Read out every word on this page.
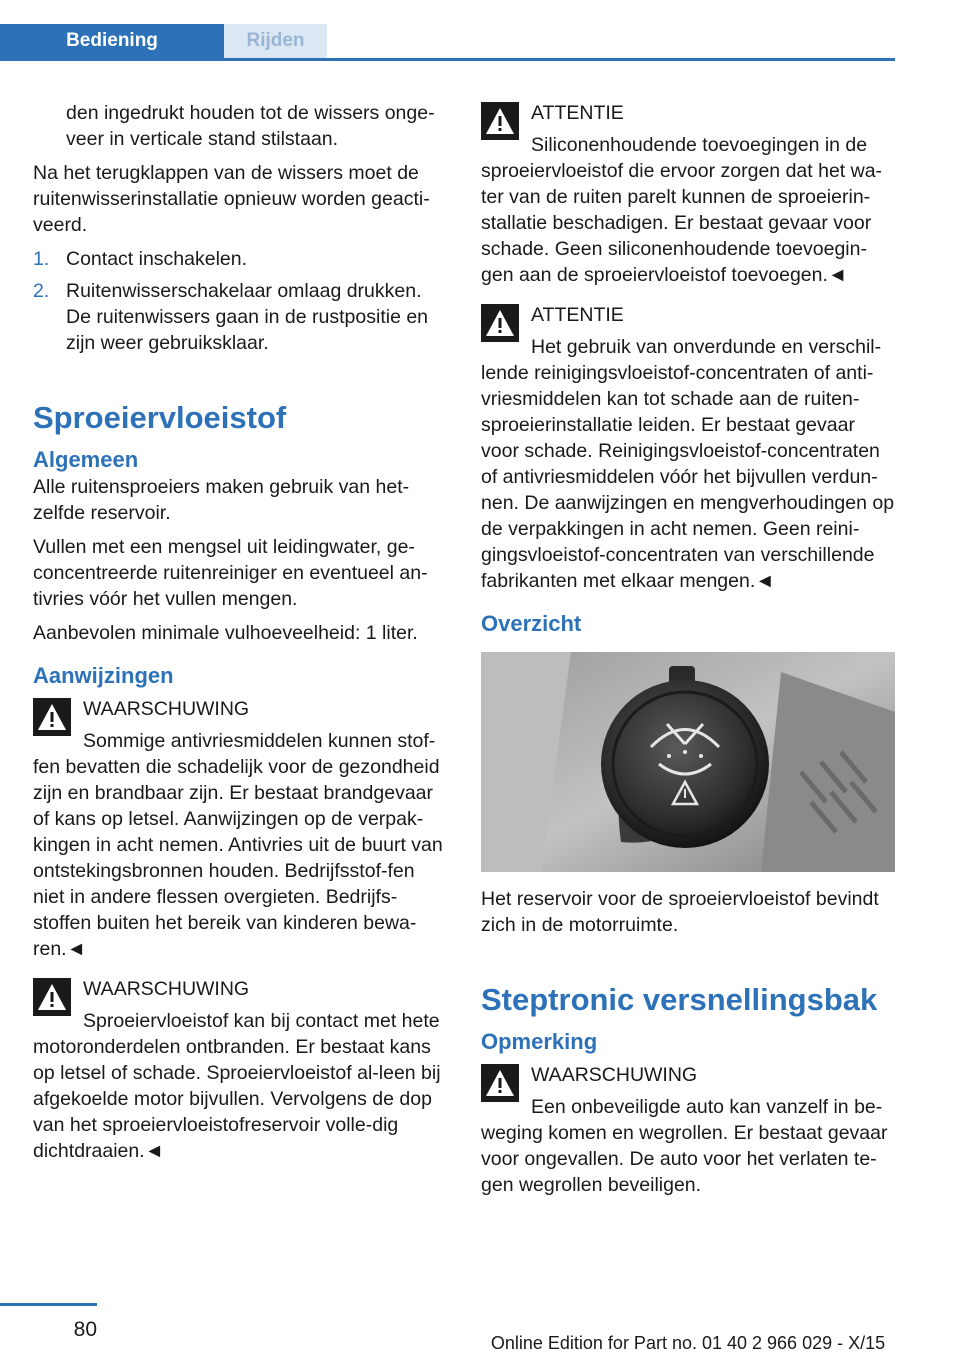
Bediening	Rijden

den ingedrukt houden tot de wissers onge-veer in verticale stand stilstaan.

Na het terugklappen van de wissers moet de ruitenwisserinstallatie opnieuw worden geacti-veerd.

1. Contact inschakelen.
2. Ruitenwisserschakelaar omlaag drukken. De ruitenwissers gaan in de rustpositie en zijn weer gebruiksklaar.
Sproeiervloeistof
Algemeen

Alle ruitensproeiers maken gebruik van het-zelfde reservoir.

Vullen met een mengsel uit leidingwater, ge-concentreerde ruitenreiniger en eventueel an-tivries vóór het vullen mengen.

Aanbevolen minimale vulhoeveelheid: 1 liter.

Aanwijzingen
WAARSCHUWING
Sommige antivriesmiddelen kunnen stof-fen bevatten die schadelijk voor de gezondheid zijn en brandbaar zijn. Er bestaat brandgevaar of kans op letsel. Aanwijzingen op de verpak-kingen in acht nemen. Antivries uit de buurt van ontstekingsbronnen houden. Bedrijfsstof-fen niet in andere flessen overgieten. Bedrijfs-stoffen buiten het bereik van kinderen bewa-ren.◄
WAARSCHUWING
Sproeiervloeistof kan bij contact met hete motoronderdelen ontbranden. Er bestaat kans op letsel of schade. Sproeiervloeistof al-leen bij afgekoelde motor bijvullen. Vervolgens de dop van het sproeiervloeistofreservoir volle-dig dichtdraaien.◄
ATTENTIE
Siliconenhoudende toevoegingen in de sproeiervloeistof die ervoor zorgen dat het wa-ter van de ruiten parelt kunnen de sproeierin-stallatie beschadigen. Er bestaat gevaar voor schade. Geen siliconenhoudende toevoegin-gen aan de sproeiervloeistof toevoegen.◄
ATTENTIE
Het gebruik van onverdunde en verschil-lende reinigingsvloeistof-concentraten of anti-vriesmiddelen kan tot schade aan de ruiten-sproeierinstallatie leiden. Er bestaat gevaar voor schade. Reinigingsvloeistof-concentraten of antivriesmiddelen vóór het bijvullen verdun-nen. De aanwijzingen en mengverhoudingen op de verpakkingen in acht nemen. Geen reini-gingsvloeistof-concentraten van verschillende fabrikanten met elkaar mengen.◄
Overzicht

Het reservoir voor de sproeiervloeistof bevindt zich in de motorruimte.

Steptronic versnellingsbak
Opmerking
WAARSCHUWING
Een onbeveiligde auto kan vanzelf in be-weging komen en wegrollen. Er bestaat gevaar voor ongevallen. De auto voor het verlaten te-gen wegrollen beveiligen.
80
Online Edition for Part no. 01 40 2 966 029 - X/15
